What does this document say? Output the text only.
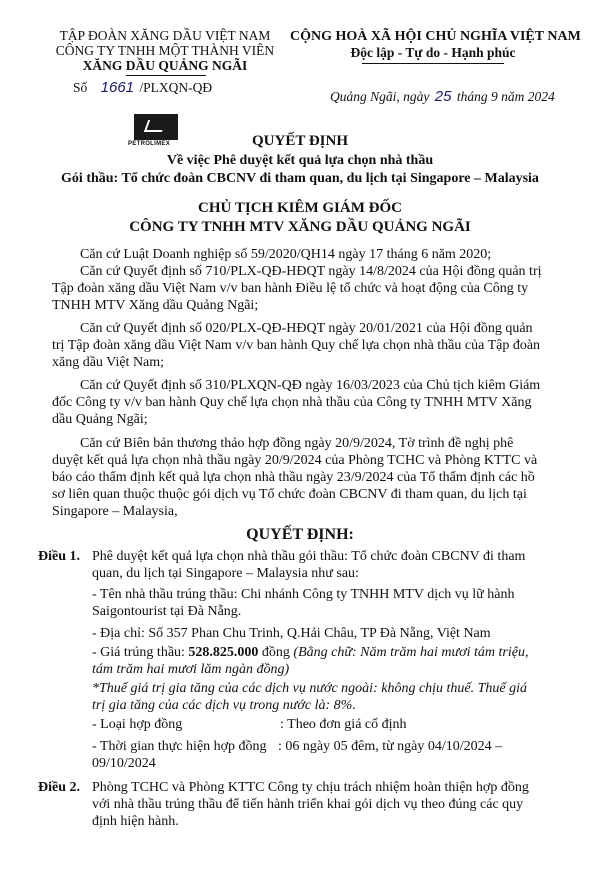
TẬP ĐOÀN XĂNG DẦU VIỆT NAM
CÔNG TY TNHH MỘT THÀNH VIÊN
XĂNG DẦU QUẢNG NGÃI
Số 1661 /PLXQN-QĐ
CỘNG HOÀ XÃ HỘI CHỦ NGHĨA VIỆT NAM
Độc lập - Tự do - Hạnh phúc
Quảng Ngãi, ngày 25 tháng 9 năm 2024
PETROLIMEX	QUYẾT ĐỊNH
Về việc Phê duyệt kết quả lựa chọn nhà thầu
Gói thầu: Tổ chức đoàn CBCNV đi tham quan, du lịch tại Singapore – Malaysia
CHỦ TỊCH KIÊM GIÁM ĐỐC
CÔNG TY TNHH MTV XĂNG DẦU QUẢNG NGÃI
Căn cứ Luật Doanh nghiệp số 59/2020/QH14 ngày 17 tháng 6 năm 2020;
Căn cứ Quyết định số 710/PLX-QĐ-HĐQT ngày 14/8/2024 của Hội đồng quản trị
Tập đoàn xăng dầu Việt Nam v/v ban hành Điều lệ tổ chức và hoạt động của Công ty
TNHH MTV Xăng dầu Quảng Ngãi;
Căn cứ Quyết định số 020/PLX-QĐ-HĐQT ngày 20/01/2021 của Hội đồng quản
trị Tập đoàn xăng dầu Việt Nam v/v ban hành Quy chế lựa chọn nhà thầu của Tập đoàn
xăng dầu Việt Nam;
Căn cứ Quyết định số 310/PLXQN-QĐ ngày 16/03/2023 của Chủ tịch kiêm Giám
đốc Công ty v/v ban hành Quy chế lựa chọn nhà thầu của Công ty TNHH MTV Xăng
dầu Quảng Ngãi;
Căn cứ Biên bản thương thảo hợp đồng ngày 20/9/2024, Tờ trình đề nghị phê
duyệt kết quả lựa chọn nhà thầu ngày 20/9/2024 của Phòng TCHC và Phòng KTTC và
báo cáo thẩm định kết quả lựa chọn nhà thầu ngày 23/9/2024 của Tổ thẩm định các hồ
sơ liên quan thuộc thuộc gói dịch vụ Tổ chức đoàn CBCNV đi tham quan, du lịch tại
Singapore – Malaysia,
QUYẾT ĐỊNH:
Điều 1. Phê duyệt kết quả lựa chọn nhà thầu gói thầu: Tổ chức đoàn CBCNV đi tham
quan, du lịch tại Singapore – Malaysia như sau:
- Tên nhà thầu trúng thầu: Chi nhánh Công ty TNHH MTV dịch vụ lữ hành
Saigontourist tại Đà Nẵng.
- Địa chỉ: Số 357 Phan Chu Trinh, Q.Hải Châu, TP Đà Nẵng, Việt Nam
- Giá trúng thầu: 528.825.000 đồng (Bằng chữ: Năm trăm hai mươi tám triệu,
tám trăm hai mươi lăm ngàn đồng)
*Thuế giá trị gia tăng của các dịch vụ nước ngoài: không chịu thuế. Thuế giá
trị gia tăng của các dịch vụ trong nước là: 8%.
- Loại hợp đồng	: Theo đơn giá cố định
- Thời gian thực hiện hợp đồng : 06 ngày 05 đêm, từ ngày 04/10/2024 –
09/10/2024
Điều 2. Phòng TCHC và Phòng KTTC Công ty chịu trách nhiệm hoàn thiện hợp đồng
với nhà thầu trúng thầu để tiến hành triển khai gói dịch vụ theo đúng các quy
định hiện hành.
